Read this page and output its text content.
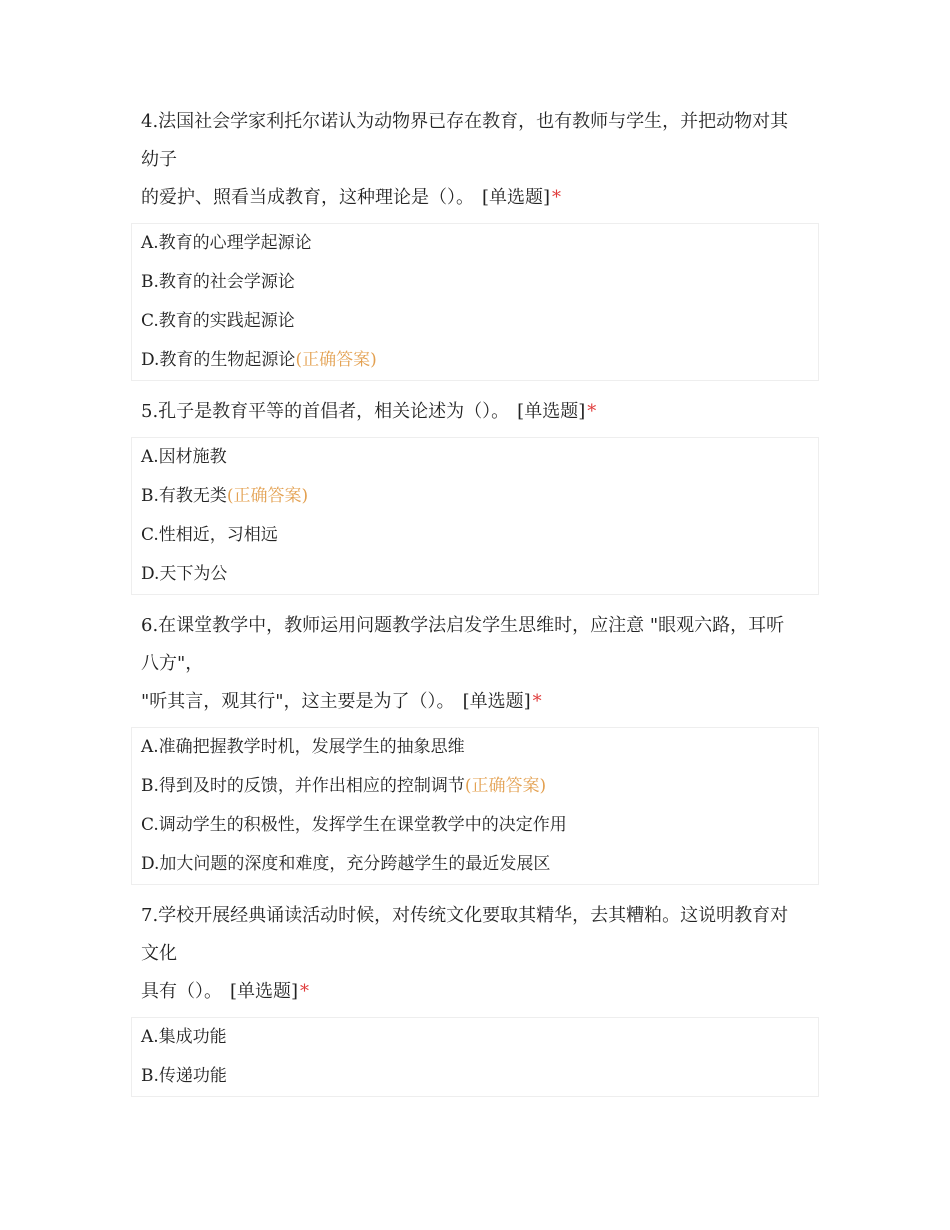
4.法国社会学家利托尔诺认为动物界已存在教育，也有教师与学生，并把动物对其
幼子
的爱护、照看当成教育，这种理论是（）。 [单选题] *
A.教育的心理学起源论
B.教育的社会学源论
C.教育的实践起源论
D.教育的生物起源论(正确答案)
5.孔子是教育平等的首倡者，相关论述为（）。 [单选题] *
A.因材施教
B.有教无类(正确答案)
C.性相近，习相远
D.天下为公
6.在课堂教学中，教师运用问题教学法启发学生思维时，应注意 "眼观六路，耳听
八方"，
"听其言，观其行"，这主要是为了（）。 [单选题] *
A.准确把握教学时机，发展学生的抽象思维
B.得到及时的反馈，并作出相应的控制调节(正确答案)
C.调动学生的积极性，发挥学生在课堂教学中的决定作用
D.加大问题的深度和难度，充分跨越学生的最近发展区
7.学校开展经典诵读活动时候，对传统文化要取其精华，去其糟粕。这说明教育对
文化
具有（）。 [单选题] *
A.集成功能
B.传递功能
